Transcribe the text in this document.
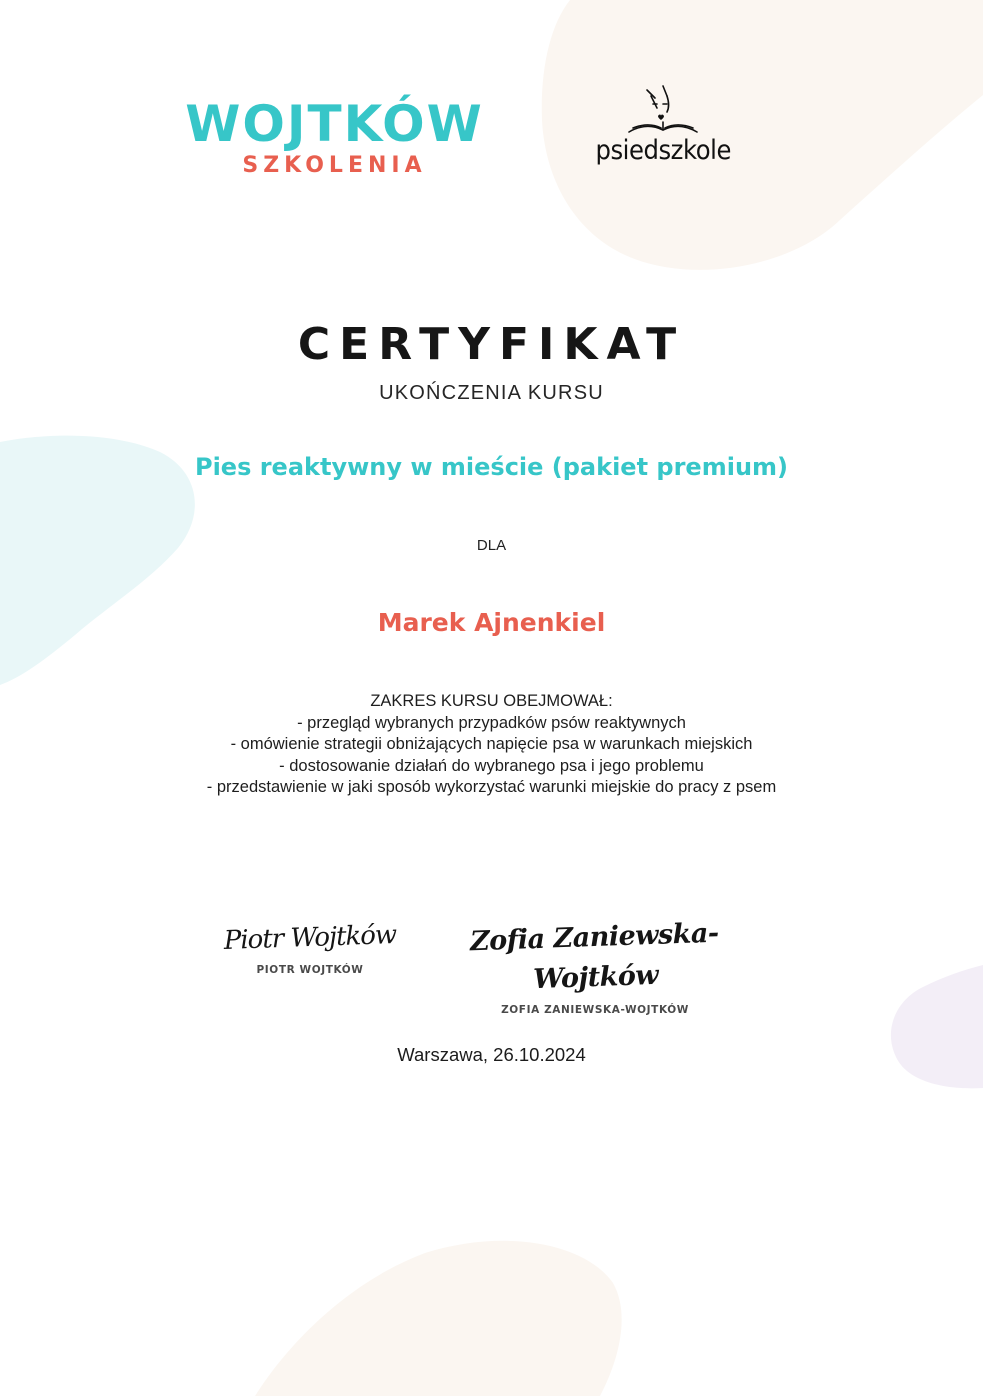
WOJTKÓW
SZKOLENIA	psiedszkole
CERTYFIKAT
UKOŃCZENIA KURSU
Pies reaktywny w mieście (pakiet premium)
DLA
Marek Ajnenkiel
ZAKRES KURSU OBEJMOWAŁ:
- przegląd wybranych przypadków psów reaktywnych
- omówienie strategii obniżających napięcie psa w warunkach miejskich
- dostosowanie działań do wybranego psa i jego problemu
- przedstawienie w jaki sposób wykorzystać warunki miejskie do pracy z psem
Piotr Wojtków
PIOTR WOJTKÓW
Zofia Zaniewska-Wojtków
ZOFIA ZANIEWSKA-WOJTKÓW
Warszawa, 26.10.2024
